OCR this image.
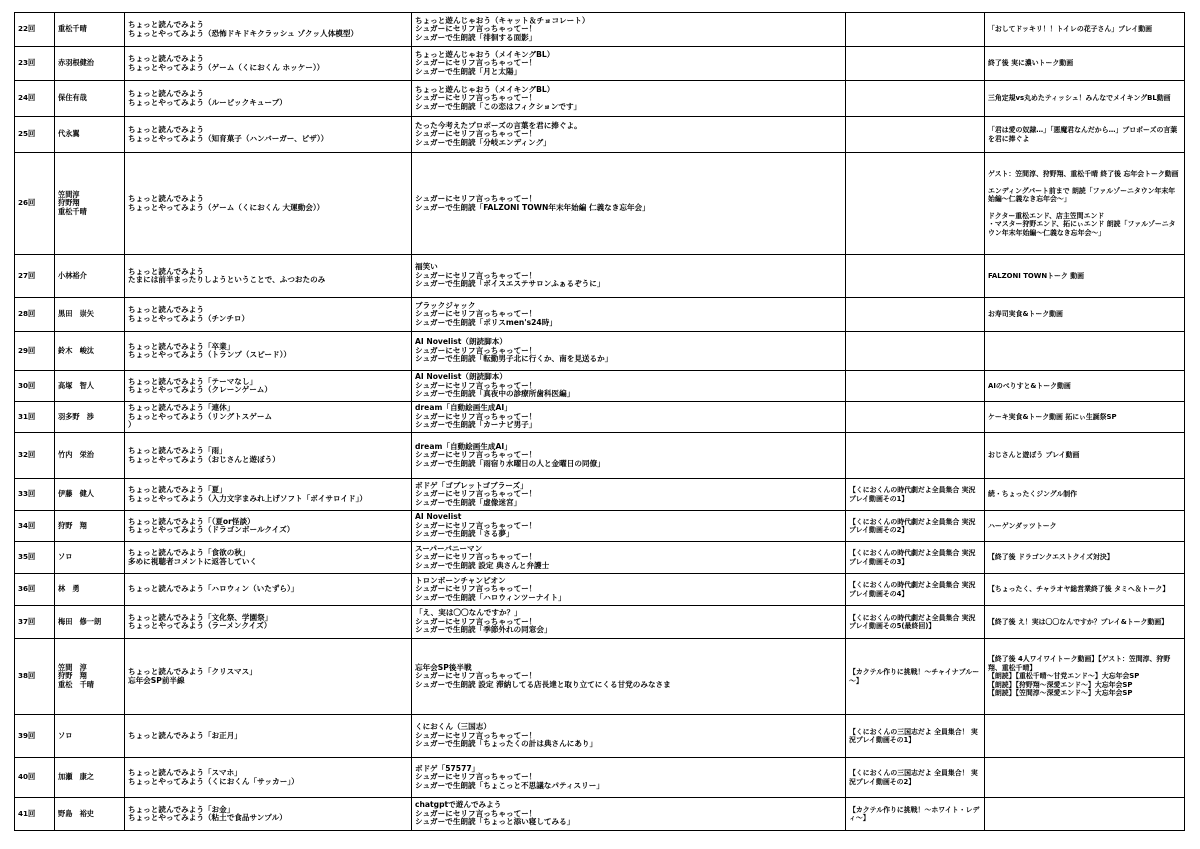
22回	重松千晴	ちょっと読んでみよう
ちょっとやってみよう（恐怖ドキドキクラッシュ ゾクッ人体模型）	ちょっと遊んじゃおう（キャット＆チョコレート）
シュガーにセリフ言っちゃってー！
シュガーで生朗読「徘徊する面影」		「おしてドッキリ！！トイレの花子さん」プレイ動画
23回	赤羽根健治	ちょっと読んでみよう
ちょっとやってみよう（ゲーム（くにおくん ホッケー））	ちょっと遊んじゃおう（メイキングBL）
シュガーにセリフ言っちゃってー！
シュガーで生朗読「月と太陽」		終了後 実に濃いトーク動画
24回	保住有哉	ちょっと読んでみよう
ちょっとやってみよう（ルービックキューブ）	ちょっと遊んじゃおう（メイキングBL）
シュガーにセリフ言っちゃってー！
シュガーで生朗読「この恋はフィクションです」		三角定規vs丸めたティッシュ！みんなでメイキングBL動画
25回	代永翼	ちょっと読んでみよう
ちょっとやってみよう（知育菓子（ハンバーガー、ピザ））	たった今考えたプロポーズの言葉を君に捧ぐよ。
シュガーにセリフ言っちゃってー！
シュガーで生朗読「分岐エンディング」		「君は愛の奴隷…」「悪魔君なんだから…」プロポーズの言葉を君に捧ぐよ
26回	笠間淳
狩野翔
重松千晴	ちょっと読んでみよう
ちょっとやってみよう（ゲーム（くにおくん 大運動会））	シュガーにセリフ言っちゃってー！
シュガーで生朗読「FALZONI TOWN年末年始編 仁義なき忘年会」		ゲスト：笠間淳、狩野翔、重松千晴 終了後 忘年会トーク動画

エンディングパート前まで 朗読「ファルゾーニタウン年末年始編～仁義なき忘年会～」

ドクター重松エンド、店主笠間エンド
・マスター狩野エンド、拓にぃエンド 朗読「ファルゾーニタウン年末年始編～仁義なき忘年会～」
27回	小林裕介	ちょっと読んでみよう
たまには前半まったりしようということで、ふつおたのみ	福笑い
シュガーにセリフ言っちゃってー！
シュガーで生朗読「ボイスエステサロンふぁるぞうに」		FALZONI TOWNトーク 動画
28回	黒田　崇矢	ちょっと読んでみよう
ちょっとやってみよう（チンチロ）	ブラックジャック
シュガーにセリフ言っちゃってー！
シュガーで生朗読「ポリスmen's24時」		お寿司実食&トーク動画
29回	鈴木　峻汰	ちょっと読んでみよう「卒業」
ちょっとやってみよう（トランプ（スピード））	AI Novelist（朗読脚本）
シュガーにセリフ言っちゃってー！
シュガーで生朗読「転勤男子北に行くか、南を見送るか」		
30回	高塚　智人	ちょっと読んでみよう「テーマなし」
ちょっとやってみよう（クレーンゲーム）	AI Novelist（朗読脚本）
シュガーにセリフ言っちゃってー！
シュガーで生朗読「真夜中の診療所歯科医編」		AIのべりすと&トーク動画
31回	羽多野　渉	ちょっと読んでみよう「連休」
ちょっとやってみよう（リングトスゲーム
）	dream「自動絵画生成AI」
シュガーにセリフ言っちゃってー！
シュガーで生朗読「カーナビ男子」		ケーキ実食&トーク動画 拓にぃ生誕祭SP
32回	竹内　栄治	ちょっと読んでみよう「雨」
ちょっとやってみよう（おじさんと遊ぼう）	dream「自動絵画生成AI」
シュガーにセリフ言っちゃってー！
シュガーで生朗読「雨宿り水曜日の人と金曜日の同僚」		おじさんと遊ぼう プレイ動画
33回	伊藤　健人	ちょっと読んでみよう「夏」
ちょっとやってみよう（入力文字まみれ上げソフト「ボイサロイド」）	ボドゲ「ゴブレットゴブラーズ」
シュガーにセリフ言っちゃってー！
シュガーで生朗読「虚像迷宮」	【くにおくんの時代劇だよ全員集合 実況プレイ動画その1】	続・ちょったくジングル制作
34回	狩野　翔	ちょっと読んでみよう「（夏or怪談）
ちょっとやってみよう（ドラゴンボールクイズ）	AI Novelist
シュガーにセリフ言っちゃってー！
シュガーで生朗読「さる夢」	【くにおくんの時代劇だよ全員集合 実況プレイ動画その2】	ハーゲンダッツトーク
35回	ソロ	ちょっと読んでみよう「食欲の秋」
多めに視聴者コメントに返答していく	スーパーバニーマン
シュガーにセリフ言っちゃってー！
シュガーで生朗読 設定 典さんと弁護士	【くにおくんの時代劇だよ全員集合 実況プレイ動画その3】	【終了後 ドラゴンクエストクイズ対決】
36回	林　勇	ちょっと読んでみよう「ハロウィン（いたずら）」	トロンボーンチャンピオン
シュガーにセリフ言っちゃってー！
シュガーで生朗読「ハロウィンツーナイト」	【くにおくんの時代劇だよ全員集合 実況プレイ動画その4】	【ちょったく、チャラオヤ総営業終了後 タミヘ＆トーク】
37回	梅田　修一朗	ちょっと読んでみよう「文化祭、学園祭」
ちょっとやってみよう（ラーメンクイズ）	「え、実は〇〇なんですか？」
シュガーにセリフ言っちゃってー！
シュガーで生朗読「季節外れの同窓会」	【くにおくんの時代劇だよ全員集合 実況プレイ動画その5(最終回)】	【終了後 え！実は〇〇なんですか？プレイ&トーク動画】
38回	笠間　淳
狩野　翔
重松　千晴	ちょっと読んでみよう「クリスマス」
忘年会SP前半線	忘年会SP後半戦
シュガーにセリフ言っちゃってー！
シュガーで生朗読 設定 滞納してる店長達と取り立てにくる甘党のみなさま	【カクテル作りに挑戦！～チャイナブルー～】	【終了後 4人ワイワイトーク動画】【ゲスト：笠間淳、狩野翔、重松千晴】
【朗読】【重松千晴～甘党エンド～】大忘年会SP
【朗読】【狩野翔～深愛エンド～】大忘年会SP
【朗読】【笠間淳～深愛エンド～】大忘年会SP
39回	ソロ	ちょっと読んでみよう「お正月」	くにおくん（三国志）
シュガーにセリフ言っちゃってー！
シュガーで生朗読「ちょったくの計は典さんにあり」	【くにおくんの三国志だよ 全員集合！ 実況プレイ動画その1】	
40回	加瀬　康之	ちょっと読んでみよう「スマホ」
ちょっとやってみよう（くにおくん「サッカー」）	ボドゲ「57577」
シュガーにセリフ言っちゃってー！
シュガーで生朗読「ちょこっと不思議なパティスリー」	【くにおくんの三国志だよ 全員集合！ 実況プレイ動画その2】	
41回	野島　裕史	ちょっと読んでみよう「お金」
ちょっとやってみよう（粘土で食品サンプル）	chatgptで遊んでみよう
シュガーにセリフ言っちゃってー！
シュガーで生朗読「ちょっと添い寝してみる」	【カクテル作りに挑戦！～ホワイト・レディ～】	
